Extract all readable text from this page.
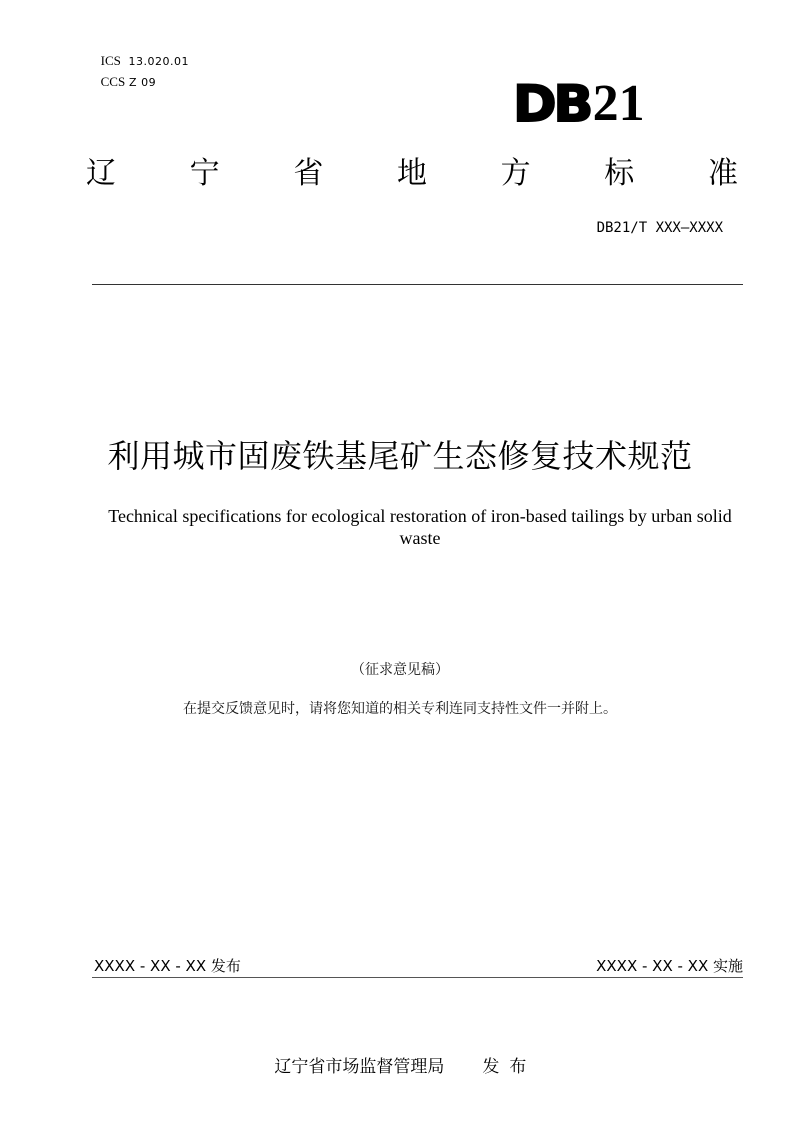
ICS 13.020.01

CCS Z 09	DB 21
辽 宁 省 地 方 标 准
DB21/T XXX—XXXX
利用城市固废铁基尾矿生态修复技术规范
Technical specifications for ecological restoration of iron-based tailings by urban solid waste
（征求意见稿）
在提交反馈意见时，请将您知道的相关专利连同支持性文件一并附上。
XXXX - XX - XX 发布	XXXX - XX - XX 实施

辽宁省市场监督管理局 发布
